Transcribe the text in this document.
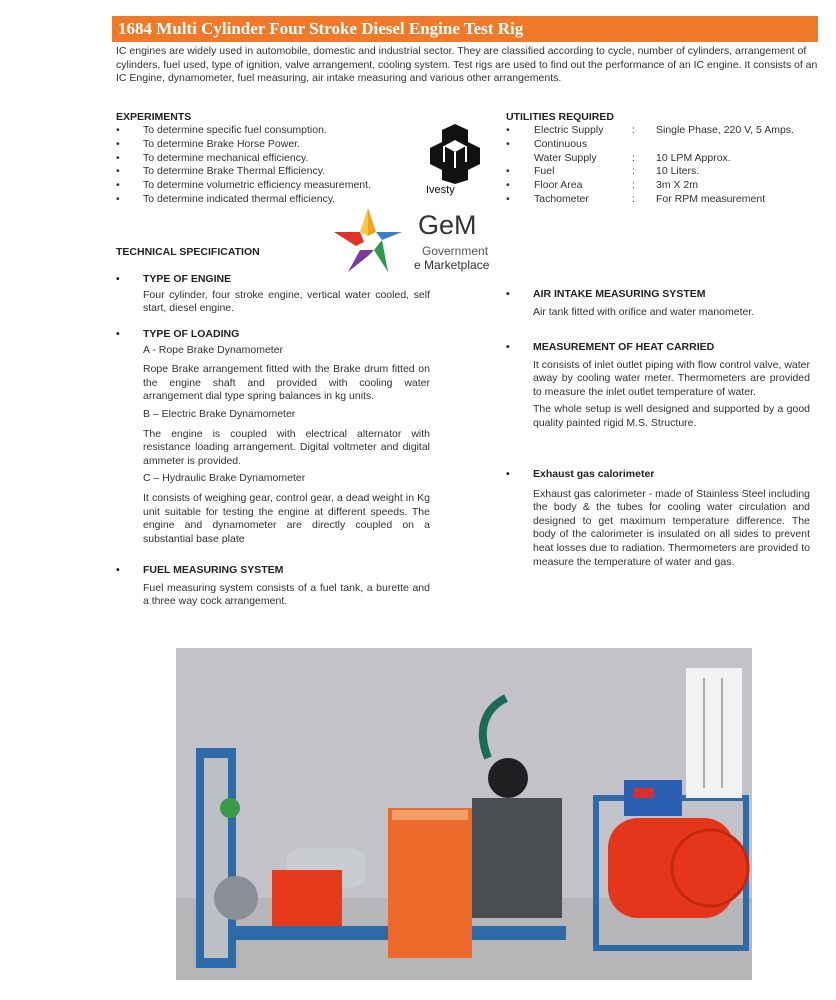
1684 Multi Cylinder Four Stroke Diesel Engine Test Rig
IC engines are widely used in automobile, domestic and industrial sector. They are classified according to cycle, number of cylinders, arrangement of cylinders, fuel used, type of ignition, valve arrangement, cooling system. Test rigs are used to find out the performance of an IC engine. It consists of an IC Engine, dynamometer, fuel measuring, air intake measuring and various other arrangements.
EXPERIMENTS
• To determine specific fuel consumption.
• To determine Brake Horse Power.
• To determine mechanical efficiency.
• To determine Brake Thermal Efficiency.
• To determine volumetric efficiency measurement.
• To determine indicated thermal efficiency.
UTILITIES REQUIRED
• Electric Supply	: Single Phase, 220 V, 5 Amps.
• Continuous
Water Supply	: 10 LPM Approx.
• Fuel	: 10 Liters.
• Floor Area	: 3m X 2m
• Tachometer	: For RPM measurement
Ivesty
GeM
Government
e Marketplace
TECHNICAL SPECIFICATION
• TYPE OF ENGINE

Four cylinder, four stroke engine, vertical water cooled, self start, diesel engine.

• TYPE OF LOADING
A - Rope Brake Dynamometer

Rope Brake arrangement fitted with the Brake drum fitted on the engine shaft and provided with cooling water arrangement dial type spring balances in kg units.

B – Electric Brake Dynamometer

The engine is coupled with electrical alternator with resistance loading arrangement. Digital voltmeter and digital ammeter is provided.

C – Hydraulic Brake Dynamometer

It consists of weighing gear, control gear, a dead weight in Kg unit suitable for testing the engine at different speeds. The engine and dynamometer are directly coupled on a substantial base plate

• FUEL MEASURING SYSTEM

Fuel measuring system consists of a fuel tank, a burette and a three way cock arrangement.

• AIR INTAKE MEASURING SYSTEM

Air tank fitted with orifice and water manometer.

• MEASUREMENT OF HEAT CARRIED

It consists of inlet outlet piping with flow control valve, water away by cooling water meter. Thermometers are provided to measure the inlet outlet temperature of water.

The whole setup is well designed and supported by a good quality painted rigid M.S. Structure.

• Exhaust gas calorimeter

Exhaust gas calorimeter - made of Stainless Steel including the body & the tubes for cooling water circulation and designed to get maximum temperature difference. The body of the calorimeter is insulated on all sides to prevent heat losses due to radiation. Thermometers are provided to measure the temperature of water and gas.
